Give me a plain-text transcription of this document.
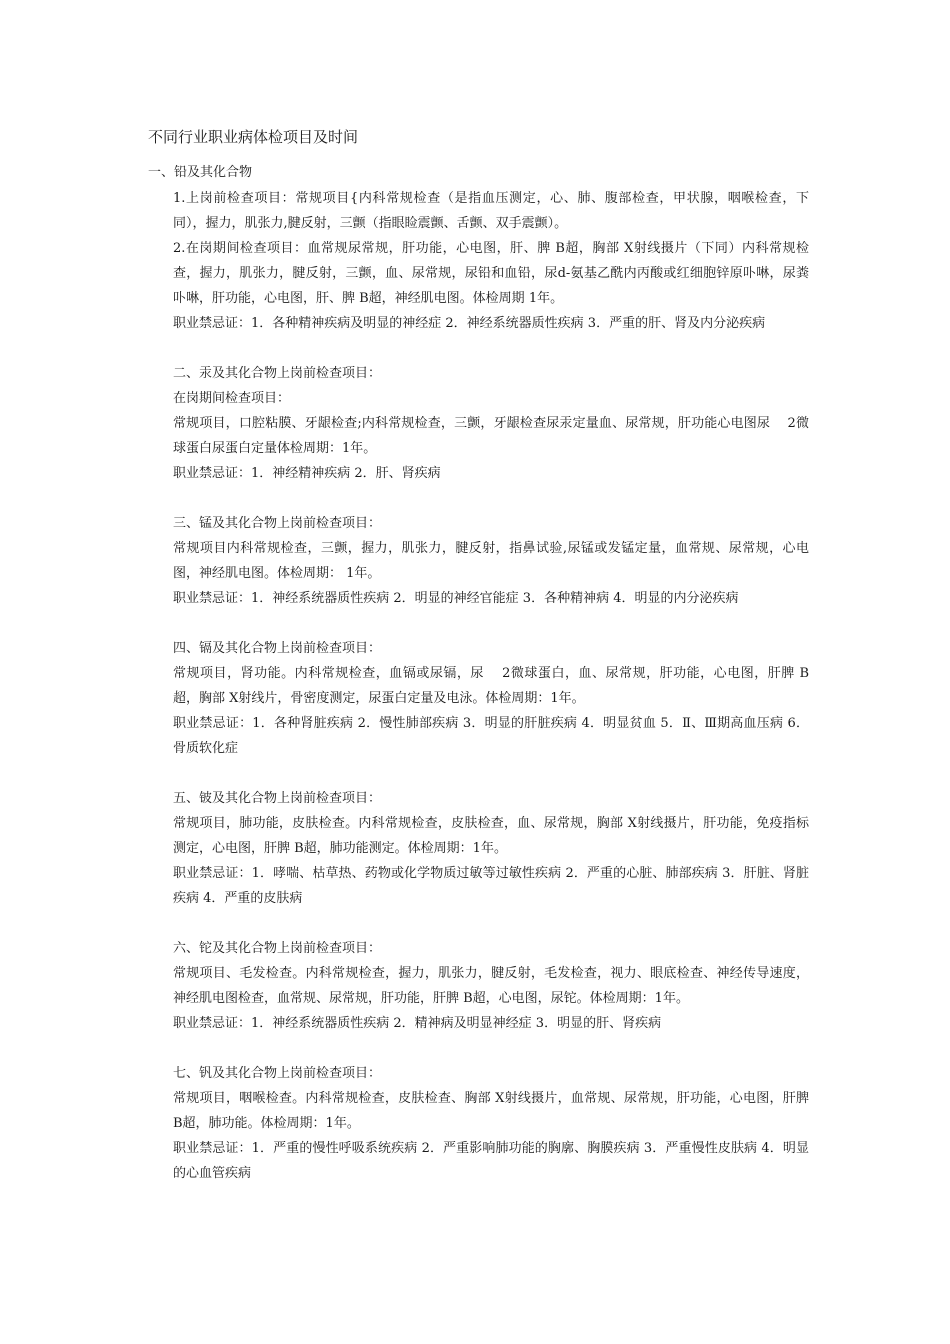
不同行业职业病体检项目及时间
一、铅及其化合物

1.上岗前检查项目：常规项目{内科常规检查（是指血压测定，心、肺、腹部检查，甲状腺，咽喉检查，下同），握力，肌张力,腱反射，三颤（指眼睑震颤、舌颤、双手震颤）。

2.在岗期间检查项目：血常规尿常规，肝功能，心电图，肝、脾 B超，胸部 X射线摄片（下同）内科常规检查，握力，肌张力，腱反射，三颤，血、尿常规，尿铅和血铅，尿d-氨基乙酰内丙酸或红细胞锌原卟啉，尿粪卟啉，肝功能，心电图，肝、脾 B超，神经肌电图。体检周期 1年。

职业禁忌证：1．各种精神疾病及明显的神经症 2．神经系统器质性疾病 3．严重的肝、肾及内分泌疾病

二、汞及其化合物上岗前检查项目：

在岗期间检查项目：

常规项目，口腔粘膜、牙龈检查;内科常规检查，三颤，牙龈检查尿汞定量血、尿常规，肝功能心电图尿　 2微球蛋白尿蛋白定量体检周期：1年。

职业禁忌证：1．神经精神疾病 2．肝、肾疾病

三、锰及其化合物上岗前检查项目：

常规项目内科常规检查，三颤，握力，肌张力，腱反射，指鼻试验,尿锰或发锰定量，血常规、尿常规，心电图，神经肌电图。体检周期： 1年。

职业禁忌证：1．神经系统器质性疾病 2．明显的神经官能症 3．各种精神病 4．明显的内分泌疾病

四、镉及其化合物上岗前检查项目：

常规项目，肾功能。内科常规检查，血镉或尿镉，尿　 2微球蛋白，血、尿常规，肝功能，心电图，肝脾 B超，胸部 X射线片，骨密度测定，尿蛋白定量及电泳。体检周期：1年。

职业禁忌证：1．各种肾脏疾病 2．慢性肺部疾病 3．明显的肝脏疾病 4．明显贫血 5．Ⅱ、Ⅲ期高血压病 6．骨质软化症

五、铍及其化合物上岗前检查项目：

常规项目，肺功能，皮肤检查。内科常规检查，皮肤检查，血、尿常规，胸部 X射线摄片，肝功能，免疫指标测定，心电图，肝脾 B超，肺功能测定。体检周期：1年。

职业禁忌证：1．哮喘、枯草热、药物或化学物质过敏等过敏性疾病 2．严重的心脏、肺部疾病 3．肝脏、肾脏疾病 4．严重的皮肤病

六、铊及其化合物上岗前检查项目：

常规项目、毛发检查。内科常规检查，握力，肌张力，腱反射，毛发检查，视力、眼底检查、神经传导速度，神经肌电图检查，血常规、尿常规，肝功能，肝脾 B超，心电图，尿铊。体检周期：1年。

职业禁忌证：1．神经系统器质性疾病 2．精神病及明显神经症 3．明显的肝、肾疾病

七、钒及其化合物上岗前检查项目：

常规项目，咽喉检查。内科常规检查，皮肤检查、胸部 X射线摄片，血常规、尿常规，肝功能，心电图，肝脾 B超，肺功能。体检周期：1年。

职业禁忌证：1．严重的慢性呼吸系统疾病 2．严重影响肺功能的胸廓、胸膜疾病 3．严重慢性皮肤病 4．明显的心血管疾病
